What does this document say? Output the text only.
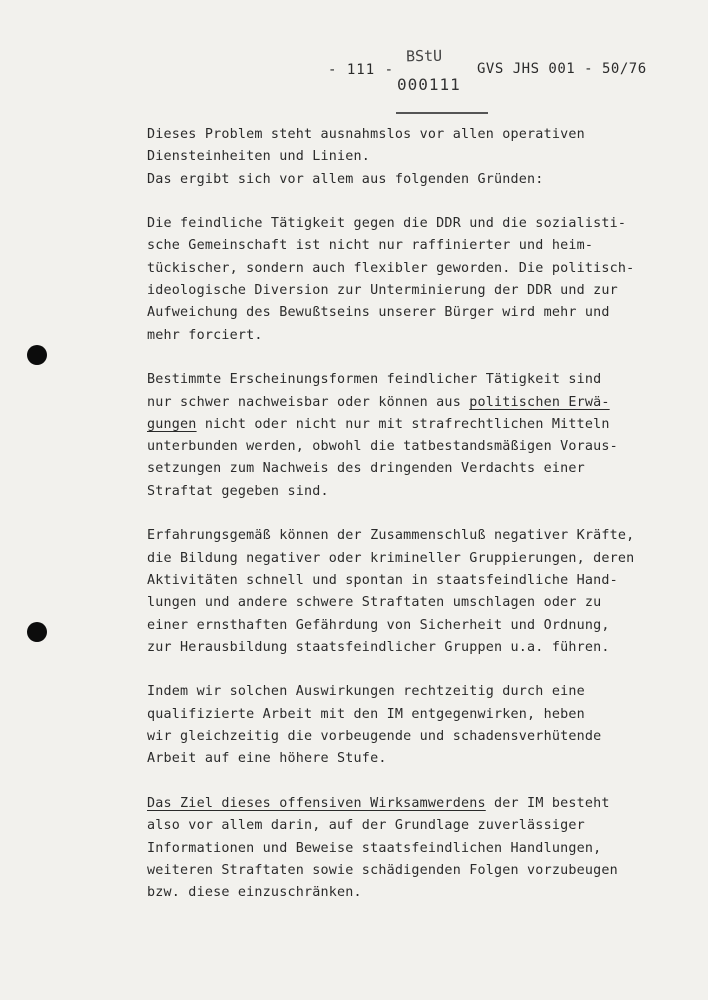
- 111 -
BStU
000111
GVS JHS 001 - 50/76
Dieses Problem steht ausnahmslos vor allen operativen
Diensteinheiten und Linien.
Das ergibt sich vor allem aus folgenden Gründen:
Die feindliche Tätigkeit gegen die DDR und die sozialisti-
sche Gemeinschaft ist nicht nur raffinierter und heim-
tückischer, sondern auch flexibler geworden. Die politisch-
ideologische Diversion zur Unterminierung der DDR und zur
Aufweichung des Bewußtseins unserer Bürger wird mehr und
mehr forciert.
Bestimmte Erscheinungsformen feindlicher Tätigkeit sind
nur schwer nachweisbar oder können aus politischen Erwä-
gungen nicht oder nicht nur mit strafrechtlichen Mitteln
unterbunden werden, obwohl die tatbestandsmäßigen Voraus-
setzungen zum Nachweis des dringenden Verdachts einer
Straftat gegeben sind.
Erfahrungsgemäß können der Zusammenschluß negativer Kräfte,
die Bildung negativer oder krimineller Gruppierungen, deren
Aktivitäten schnell und spontan in staatsfeindliche Hand-
lungen und andere schwere Straftaten umschlagen oder zu
einer ernsthaften Gefährdung von Sicherheit und Ordnung,
zur Herausbildung staatsfeindlicher Gruppen u.a. führen.
Indem wir solchen Auswirkungen rechtzeitig durch eine
qualifizierte Arbeit mit den IM entgegenwirken, heben
wir gleichzeitig die vorbeugende und schadensverhütende
Arbeit auf eine höhere Stufe.
Das Ziel dieses offensiven Wirksamwerdens der IM besteht
also vor allem darin, auf der Grundlage zuverlässiger
Informationen und Beweise staatsfeindlichen Handlungen,
weiteren Straftaten sowie schädigenden Folgen vorzubeugen
bzw. diese einzuschränken.
